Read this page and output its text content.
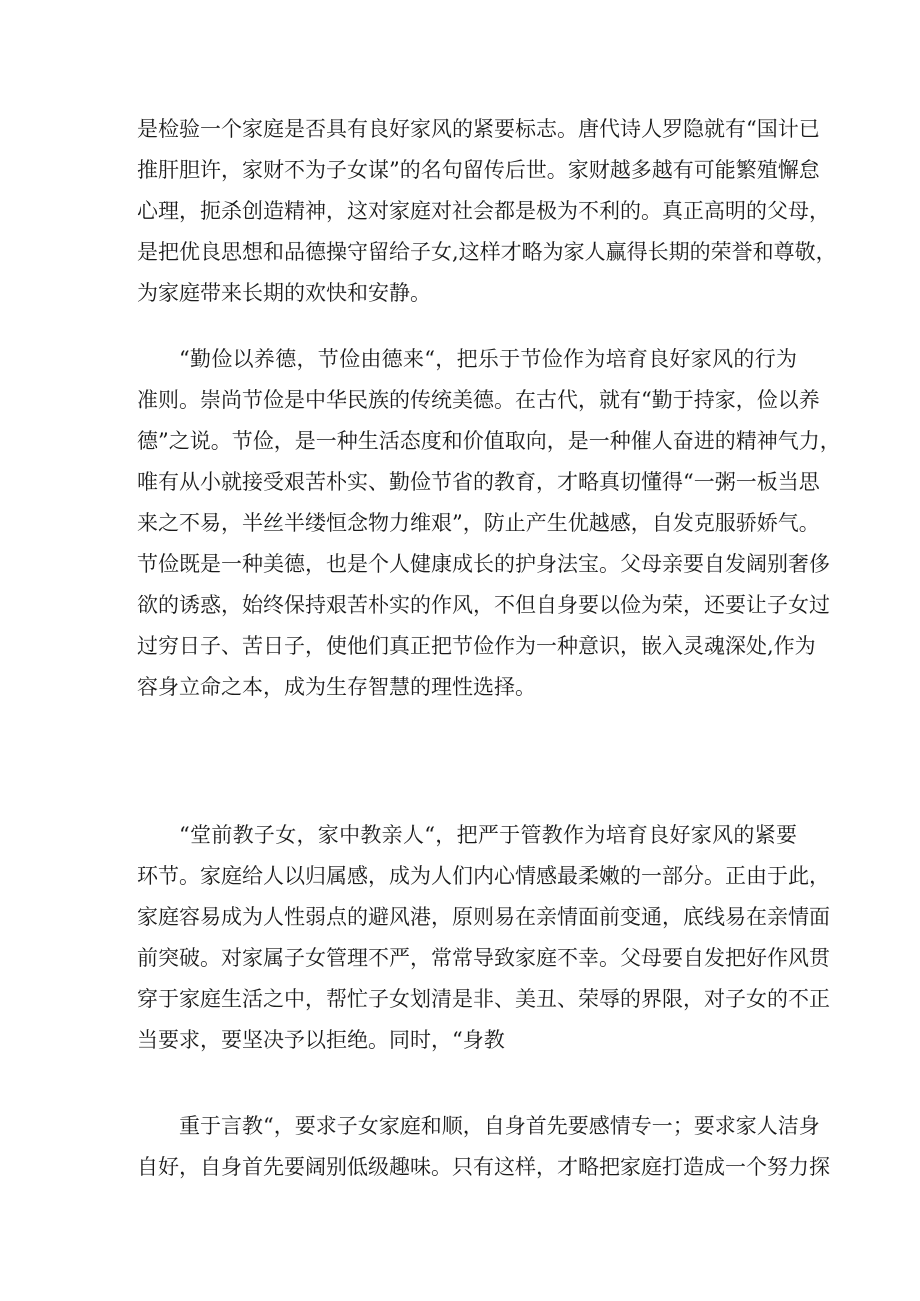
是检验一个家庭是否具有良好家风的紧要标志。唐代诗人罗隐就有“国计已
推肝胆许，家财不为子女谋”的名句留传后世。家财越多越有可能繁殖懈怠
心理，扼杀创造精神，这对家庭对社会都是极为不利的。真正高明的父母，
是把优良思想和品德操守留给子女,这样才略为家人赢得长期的荣誉和尊敬，
为家庭带来长期的欢快和安静。
“勤俭以养德，节俭由德来“，把乐于节俭作为培育良好家风的行为
准则。崇尚节俭是中华民族的传统美德。在古代，就有“勤于持家，俭以养
德”之说。节俭，是一种生活态度和价值取向，是一种催人奋进的精神气力，
唯有从小就接受艰苦朴实、勤俭节省的教育，才略真切懂得“一粥一板当思
来之不易，半丝半缕恒念物力维艰”，防止产生优越感，自发克服骄娇气。
节俭既是一种美德，也是个人健康成长的护身法宝。父母亲要自发阔别奢侈
欲的诱惑，始终保持艰苦朴实的作风，不但自身要以俭为荣，还要让子女过
过穷日子、苦日子，使他们真正把节俭作为一种意识，嵌入灵魂深处,作为
容身立命之本，成为生存智慧的理性选择。
“堂前教子女，家中教亲人“，把严于管教作为培育良好家风的紧要
环节。家庭给人以归属感，成为人们内心情感最柔嫩的一部分。正由于此，
家庭容易成为人性弱点的避风港，原则易在亲情面前变通，底线易在亲情面
前突破。对家属子女管理不严，常常导致家庭不幸。父母要自发把好作风贯
穿于家庭生活之中，帮忙子女划清是非、美丑、荣辱的界限，对子女的不正
当要求，要坚决予以拒绝。同时，“身教
重于言教“，要求子女家庭和顺，自身首先要感情专一；要求家人洁身
自好，自身首先要阔别低级趣味。只有这样，才略把家庭打造成一个努力探
